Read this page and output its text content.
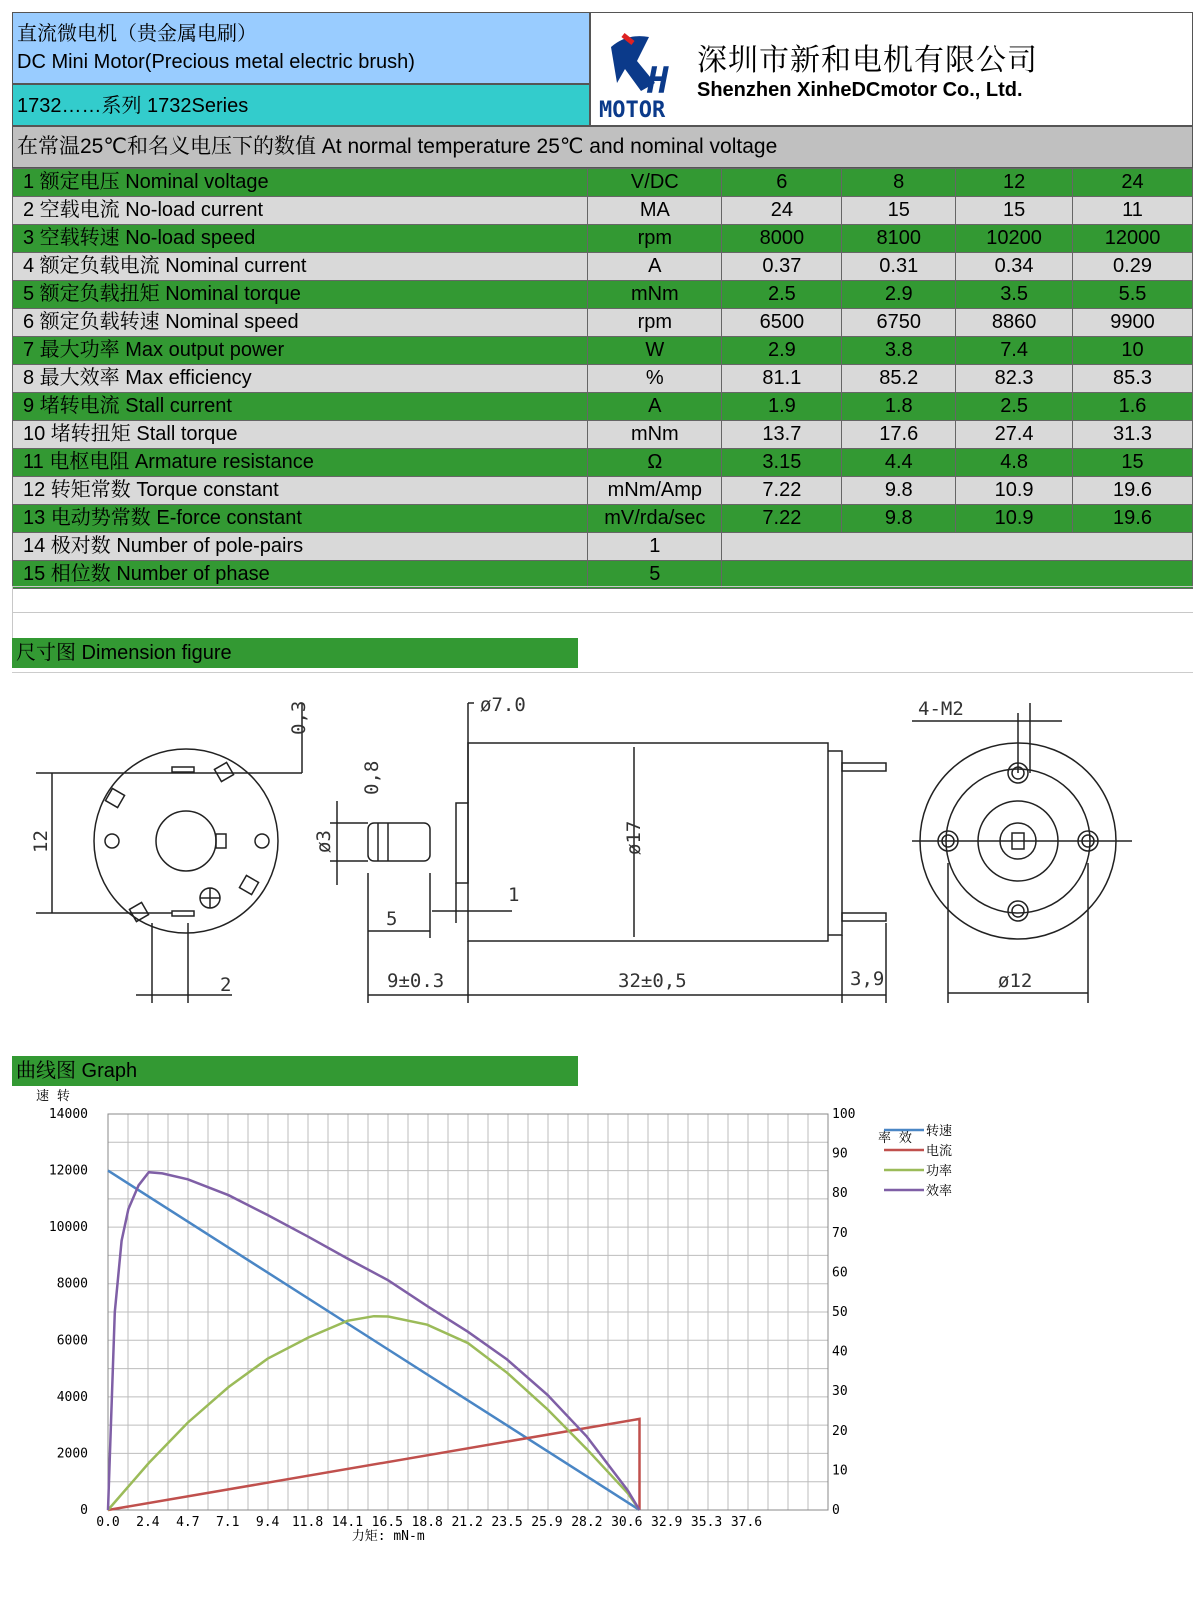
直流微电机（贵金属电刷）
DC Mini Motor(Precious metal electric brush)
1732……系列 1732Series
H
MOTOR
深圳市新和电机有限公司
Shenzhen XinheDCmotor Co., Ltd.
在常温25℃和名义电压下的数值 At normal temperature 25℃ and nominal voltage
1 额定电压 Nominal voltage	V/DC	6	8	12	24
2 空载电流 No-load current	MA	24	15	15	11
3 空载转速 No-load speed	rpm	8000	8100	10200	12000
4 额定负载电流 Nominal current	A	0.37	0.31	0.34	0.29
5 额定负载扭矩 Nominal torque	mNm	2.5	2.9	3.5	5.5
6 额定负载转速 Nominal speed	rpm	6500	6750	8860	9900
7 最大功率 Max output power	W	2.9	3.8	7.4	10
8 最大效率 Max efficiency	%	81.1	85.2	82.3	85.3
9 堵转电流 Stall current	A	1.9	1.8	2.5	1.6
10 堵转扭矩 Stall torque	mNm	13.7	17.6	27.4	31.3
11 电枢电阻 Armature resistance	Ω	3.15	4.4	4.8	15
12 转矩常数 Torque constant	mNm/Amp	7.22	9.8	10.9	19.6
13 电动势常数 E-force constant	mV/rda/sec	7.22	9.8	10.9	19.6
14 极对数 Number of pole-pairs	1				
15 相位数 Number of phase	5				
尺寸图 Dimension figure
0,3
12
2
ø7.0
0,8
ø3
5
1
ø17
9±0.3	32±0,5	3,9
4-M2
ø12
曲线图 Graph
0
2000
4000
6000
8000
10000
12000
14000
0
10
20
30
40
50
60
70
80
90
100
0.0 2.4 4.7 7.1 9.4 11.8 14.1 16.5 18.8 21.2 23.5 25.9 28.2 30.6 32.9 35.3 37.6
速 转
率 效
力矩: mN-m
转速
电流
功率
效率
